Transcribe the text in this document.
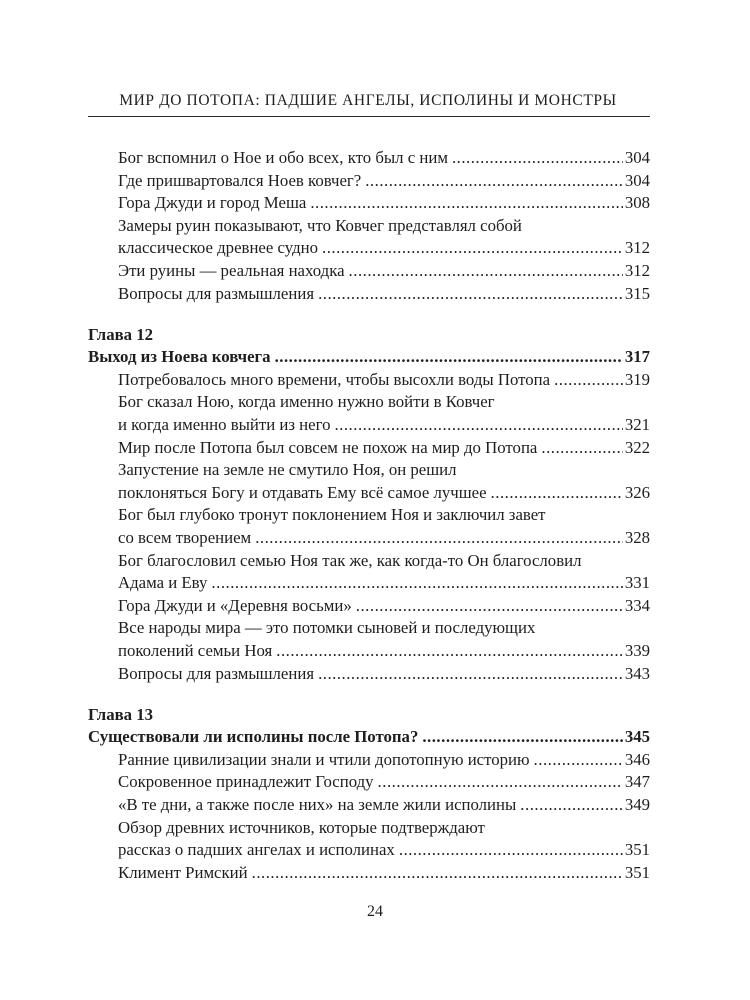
МИР ДО ПОТОПА: ПАДШИЕ АНГЕЛЫ, ИСПОЛИНЫ И МОНСТРЫ
Бог вспомнил о Ное и обо всех, кто был с ним .....	304
Где пришвартовался Ноев ковчег? .....	304
Гора Джуди и город Меша .....	308
Замеры руин показывают, что Ковчег представлял собой
классическое древнее судно .....	312
Эти руины — реальная находка .....	312
Вопросы для размышления .....	315
Глава 12
Выход из Ноева ковчега .....	317
Потребовалось много времени, чтобы высохли воды Потопа .....	319
Бог сказал Ною, когда именно нужно войти в Ковчег
и когда именно выйти из него .....	321
Мир после Потопа был совсем не похож на мир до Потопа .....	322
Запустение на земле не смутило Ноя, он решил
поклоняться Богу и отдавать Ему всё самое лучшее .....	326
Бог был глубоко тронут поклонением Ноя и заключил завет
со всем творением .....	328
Бог благословил семью Ноя так же, как когда-то Он благословил
Адама и Еву .....	331
Гора Джуди и «Деревня восьми» .....	334
Все народы мира — это потомки сыновей и последующих
поколений семьи Ноя .....	339
Вопросы для размышления .....	343
Глава 13
Существовали ли исполины после Потопа? .....	345
Ранние цивилизации знали и чтили допотопную историю .....	346
Сокровенное принадлежит Господу .....	347
«В те дни, а также после них» на земле жили исполины .....	349
Обзор древних источников, которые подтверждают
рассказ о падших ангелах и исполинах .....	351
Климент Римский .....	351
24
